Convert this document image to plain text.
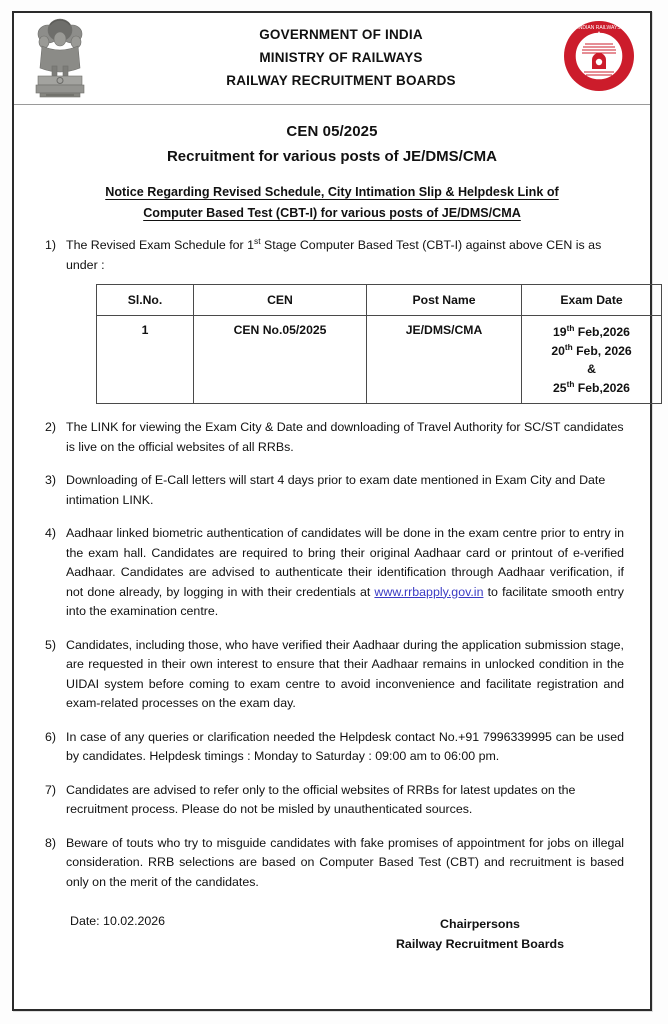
GOVERNMENT OF INDIA
MINISTRY OF RAILWAYS
RAILWAY RECRUITMENT BOARDS
INDIAN RAILWAYS
CEN 05/2025
Recruitment for various posts of JE/DMS/CMA
Notice Regarding Revised Schedule, City Intimation Slip & Helpdesk Link of
Computer Based Test (CBT-I) for various posts of JE/DMS/CMA
1) The Revised Exam Schedule for 1st Stage Computer Based Test (CBT-I) against above CEN is as under :
Sl.No.	CEN	Post Name	Exam Date
1	CEN No.05/2025	JE/DMS/CMA	19th Feb,2026
20th Feb, 2026
&
25th Feb,2026
2) The LINK for viewing the Exam City & Date and downloading of Travel Authority for SC/ST candidates is live on the official websites of all RRBs.
3) Downloading of E-Call letters will start 4 days prior to exam date mentioned in Exam City and Date intimation LINK.
4) Aadhaar linked biometric authentication of candidates will be done in the exam centre prior to entry in the exam hall. Candidates are required to bring their original Aadhaar card or printout of e-verified Aadhaar. Candidates are advised to authenticate their identification through Aadhaar verification, if not done already, by logging in with their credentials at www.rrbapply.gov.in to facilitate smooth entry into the examination centre.
5) Candidates, including those, who have verified their Aadhaar during the application submission stage, are requested in their own interest to ensure that their Aadhaar remains in unlocked condition in the UIDAI system before coming to exam centre to avoid inconvenience and facilitate registration and exam-related processes on the exam day.
6) In case of any queries or clarification needed the Helpdesk contact No.+91 7996339995 can be used by candidates. Helpdesk timings : Monday to Saturday : 09:00 am to 06:00 pm.
7) Candidates are advised to refer only to the official websites of RRBs for latest updates on the recruitment process. Please do not be misled by unauthenticated sources.
8) Beware of touts who try to misguide candidates with fake promises of appointment for jobs on illegal consideration. RRB selections are based on Computer Based Test (CBT) and recruitment is based only on the merit of the candidates.
Date: 10.02.2026	Chairpersons
Railway Recruitment Boards
